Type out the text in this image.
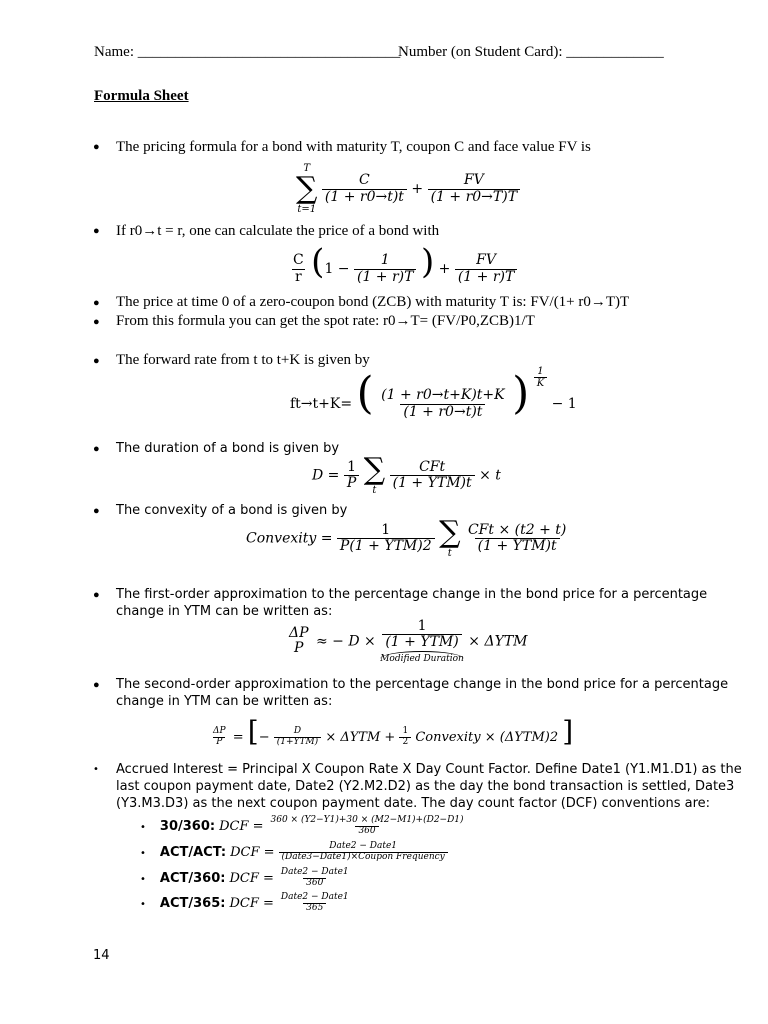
Name: ___________________________________
Number (on Student Card): _____________
Formula Sheet
● The pricing formula for a bond with maturity T, coupon C and face value FV is
T
∑
t=1

$\frac{C}{(1 + r0\to t)t} + \frac{FV}{(1 + r0\to T)T}$
● If r0→t = r, one can calculate the price of a bond with
$\frac{C}{r} (1 - \frac{1}{(1 + r)T}$ ) + $\frac{FV}{(1 + r)T}$
● The price at time 0 of a zero-coupon bond (ZCB) with maturity T is: FV/(1+ r0→T)T
● From this formula you can get the spot rate: r0→T= (FV/P0,ZCB)1/T
● The forward rate from t to t+K is given by
ft→t+K= ( $\frac{(1 + r0\to t+K)t+K}{(1 + r0\to t)t}$ ) $\frac{1}{K}$
− 1
● The duration of a bond is given by
$D = \frac{1}{P}$
∑
t
$\frac{\text{CFt}}{\text{(1 + YTM)t}} \times t$
● The convexity of a bond is given by
Convexity = $\frac{1}{\text{P(1 + YTM)2}}$
∑
t
$\frac{\text{CFt × (t2 + t)}}{\text{(1 + YTM)t}}$
● The first-order approximation to the percentage change in the bond price for a percentage
change in YTM can be written as:
ΔP
P ≈ − $D \times \frac{1}{\text{(1 + YTM)}}$
Modified Duration
× ΔYTM
● The second-order approximation to the percentage change in the bond price for a percentage
change in YTM can be written as:
$\frac{\Delta P}{P}$ = [− $\frac{D}{\text{(1+YTM)}} \times \Delta YTM + \frac{1}{2}$ Convexity × (ΔYTM)2 ]
• Accrued Interest = Principal X Coupon Rate X Day Count Factor. Define Date1 (Y1.M1.D1) as the
last coupon payment date, Date2 (Y2.M2.D2) as the day the bond transaction is settled, Date3
(Y3.M3.D3) as the next coupon payment date. The day count factor (DCF) conventions are:
• 30/360: DCF = $\frac{360 \times (Y2-Y1)+30 \times (M2-M1)+(D2-D1)}{360}$
• ACT/ACT: DCF = $\frac{\text{Date2 − Date1}}{\text{(Date3−Date1)×Coupon Frequency}}$
• ACT/360: DCF = $\frac{\text{Date2 − Date1}}{360}$
• ACT/365: DCF = $\frac{\text{Date2 − Date1}}{365}$
14
